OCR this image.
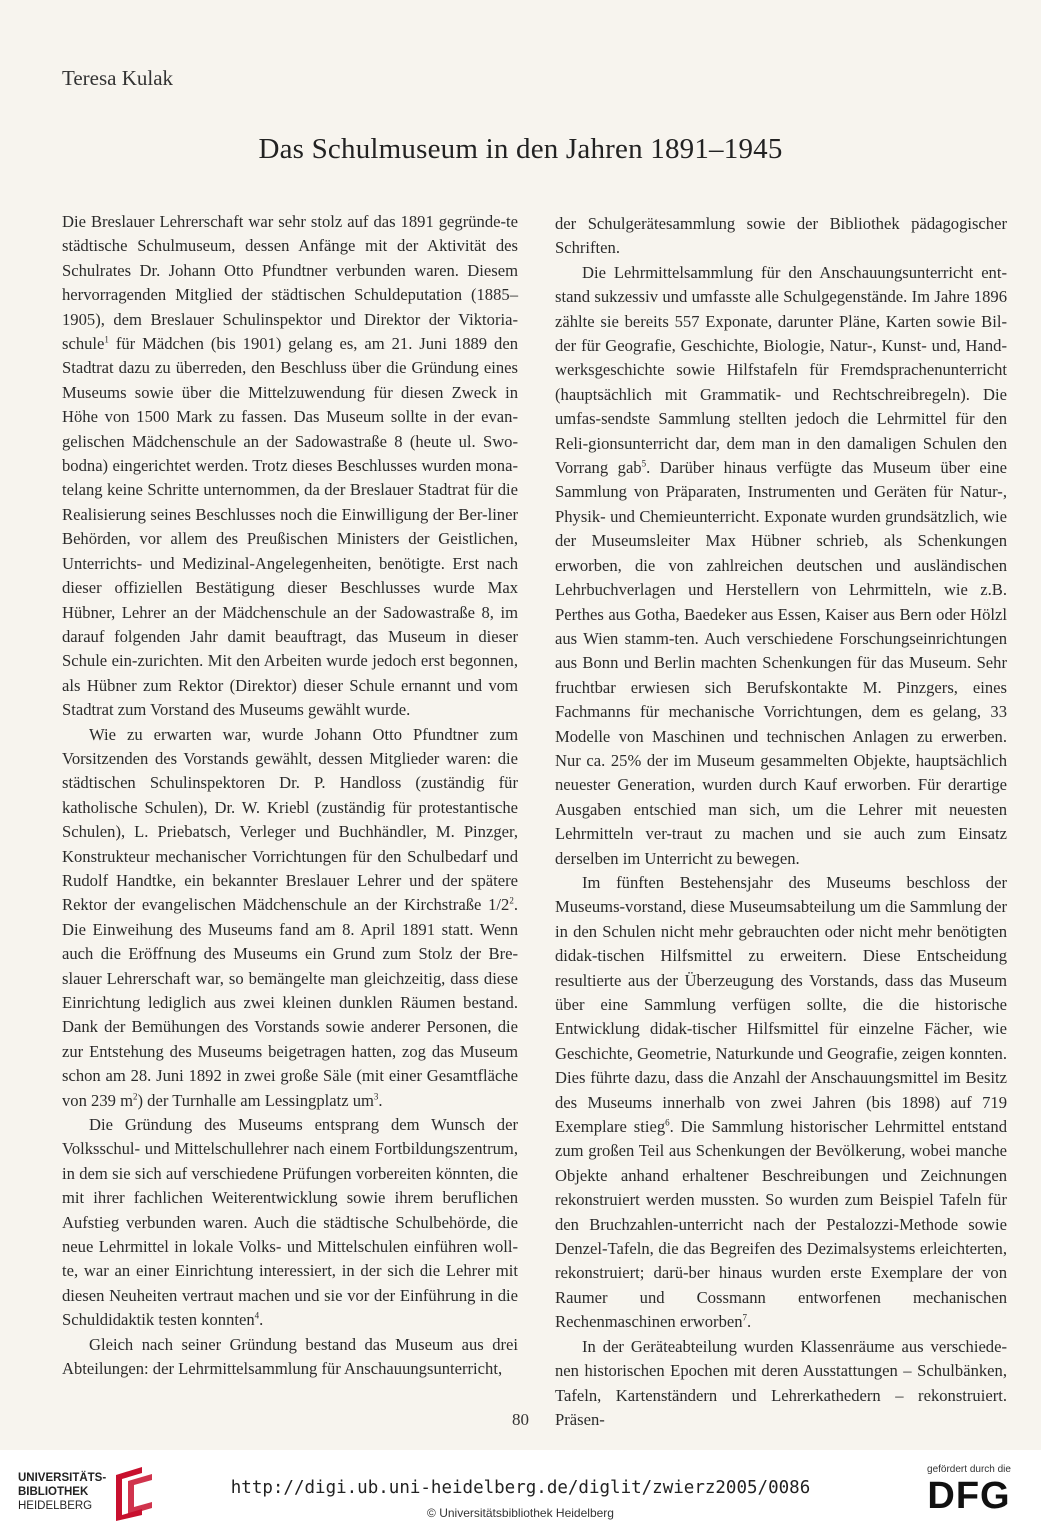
Teresa Kulak
Das Schulmuseum in den Jahren 1891–1945

Die Breslauer Lehrerschaft war sehr stolz auf das 1891 gegründe-te städtische Schulmuseum, dessen Anfänge mit der Aktivität des Schulrates Dr. Johann Otto Pfundtner verbunden waren. Diesem hervorragenden Mitglied der städtischen Schuldeputation (1885–1905), dem Breslauer Schulinspektor und Direktor der Viktoria-schule$^1$ für Mädchen (bis 1901) gelang es, am 21. Juni 1889 den Stadtrat dazu zu überreden, den Beschluss über die Gründung eines Museums sowie über die Mittelzuwendung für diesen Zweck in Höhe von 1500 Mark zu fassen. Das Museum sollte in der evan-gelischen Mädchenschule an der Sadowastraße 8 (heute ul. Swo-bodna) eingerichtet werden. Trotz dieses Beschlusses wurden mona-telang keine Schritte unternommen, da der Breslauer Stadtrat für die Realisierung seines Beschlusses noch die Einwilligung der Ber-liner Behörden, vor allem des Preußischen Ministers der Geistlichen, Unterrichts- und Medizinal-Angelegenheiten, benötigte. Erst nach dieser offiziellen Bestätigung dieser Beschlusses wurde Max Hübner, Lehrer an der Mädchenschule an der Sadowastraße 8, im darauf folgenden Jahr damit beauftragt, das Museum in dieser Schule ein-zurichten. Mit den Arbeiten wurde jedoch erst begonnen, als Hübner zum Rektor (Direktor) dieser Schule ernannt und vom Stadtrat zum Vorstand des Museums gewählt wurde.

Wie zu erwarten war, wurde Johann Otto Pfundtner zum Vorsitzenden des Vorstands gewählt, dessen Mitglieder waren: die städtischen Schulinspektoren Dr. P. Handloss (zuständig für katholische Schulen), Dr. W. Kriebl (zuständig für protestantische Schulen), L. Priebatsch, Verleger und Buchhändler, M. Pinzger, Konstrukteur mechanischer Vorrichtungen für den Schulbedarf und Rudolf Handtke, ein bekannter Breslauer Lehrer und der spätere Rektor der evangelischen Mädchenschule an der Kirchstraße 1/2$^2$. Die Einweihung des Museums fand am 8. April 1891 statt. Wenn auch die Eröffnung des Museums ein Grund zum Stolz der Bre-slauer Lehrerschaft war, so bemängelte man gleichzeitig, dass diese Einrichtung lediglich aus zwei kleinen dunklen Räumen bestand. Dank der Bemühungen des Vorstands sowie anderer Personen, die zur Entstehung des Museums beigetragen hatten, zog das Museum schon am 28. Juni 1892 in zwei große Säle (mit einer Gesamtfläche von 239 m$^2$) der Turnhalle am Lessingplatz um$^3$.

Die Gründung des Museums entsprang dem Wunsch der Volksschul- und Mittelschullehrer nach einem Fortbildungszentrum, in dem sie sich auf verschiedene Prüfungen vorbereiten könnten, die mit ihrer fachlichen Weiterentwicklung sowie ihrem beruflichen Aufstieg verbunden waren. Auch die städtische Schulbehörde, die neue Lehrmittel in lokale Volks- und Mittelschulen einführen woll-te, war an einer Einrichtung interessiert, in der sich die Lehrer mit diesen Neuheiten vertraut machen und sie vor der Einführung in die Schuldidaktik testen konnten$^4$.

Gleich nach seiner Gründung bestand das Museum aus drei Abteilungen: der Lehrmittelsammlung für Anschauungsunterricht,

der Schulgerätesammlung sowie der Bibliothek pädagogischer Schriften.

Die Lehrmittelsammlung für den Anschauungsunterricht ent-stand sukzessiv und umfasste alle Schulgegenstände. Im Jahre 1896 zählte sie bereits 557 Exponate, darunter Pläne, Karten sowie Bil-der für Geografie, Geschichte, Biologie, Natur-, Kunst- und, Hand-werksgeschichte sowie Hilfstafeln für Fremdsprachenunterricht (hauptsächlich mit Grammatik- und Rechtschreibregeln). Die umfas-sendste Sammlung stellten jedoch die Lehrmittel für den Reli-gionsunterricht dar, dem man in den damaligen Schulen den Vorrang gab$^5$. Darüber hinaus verfügte das Museum über eine Sammlung von Präparaten, Instrumenten und Geräten für Natur-, Physik- und Chemieunterricht. Exponate wurden grundsätzlich, wie der Museumsleiter Max Hübner schrieb, als Schenkungen erworben, die von zahlreichen deutschen und ausländischen Lehrbuchverlagen und Herstellern von Lehrmitteln, wie z.B. Perthes aus Gotha, Baedeker aus Essen, Kaiser aus Bern oder Hölzl aus Wien stamm-ten. Auch verschiedene Forschungseinrichtungen aus Bonn und Berlin machten Schenkungen für das Museum. Sehr fruchtbar erwiesen sich Berufskontakte M. Pinzgers, eines Fachmanns für mechanische Vorrichtungen, dem es gelang, 33 Modelle von Maschinen und technischen Anlagen zu erwerben. Nur ca. 25% der im Museum gesammelten Objekte, hauptsächlich neuester Generation, wurden durch Kauf erworben. Für derartige Ausgaben entschied man sich, um die Lehrer mit neuesten Lehrmitteln ver-traut zu machen und sie auch zum Einsatz derselben im Unterricht zu bewegen.

Im fünften Bestehensjahr des Museums beschloss der Museums-vorstand, diese Museumsabteilung um die Sammlung der in den Schulen nicht mehr gebrauchten oder nicht mehr benötigten didak-tischen Hilfsmittel zu erweitern. Diese Entscheidung resultierte aus der Überzeugung des Vorstands, dass das Museum über eine Sammlung verfügen sollte, die die historische Entwicklung didak-tischer Hilfsmittel für einzelne Fächer, wie Geschichte, Geometrie, Naturkunde und Geografie, zeigen konnten. Dies führte dazu, dass die Anzahl der Anschauungsmittel im Besitz des Museums innerhalb von zwei Jahren (bis 1898) auf 719 Exemplare stieg$^6$. Die Sammlung historischer Lehrmittel entstand zum großen Teil aus Schenkungen der Bevölkerung, wobei manche Objekte anhand erhaltener Beschreibungen und Zeichnungen rekonstruiert werden mussten. So wurden zum Beispiel Tafeln für den Bruchzahlen-unterricht nach der Pestalozzi-Methode sowie Denzel-Tafeln, die das Begreifen des Dezimalsystems erleichterten, rekonstruiert; darü-ber hinaus wurden erste Exemplare der von Raumer und Cossmann entworfenen mechanischen Rechenmaschinen erworben$^7$.

In der Geräteabteilung wurden Klassenräume aus verschiede-nen historischen Epochen mit deren Ausstattungen – Schulbänken, Tafeln, Kartenständern und Lehrerkathedern – rekonstruiert. Präsen-

80
UNIVERSITÄTS-
BIBLIOTHEK
HEIDELBERG
http://digi.ub.uni-heidelberg.de/diglit/zwierz2005/0086
© Universitätsbibliothek Heidelberg
gefördert durch die
DFG
